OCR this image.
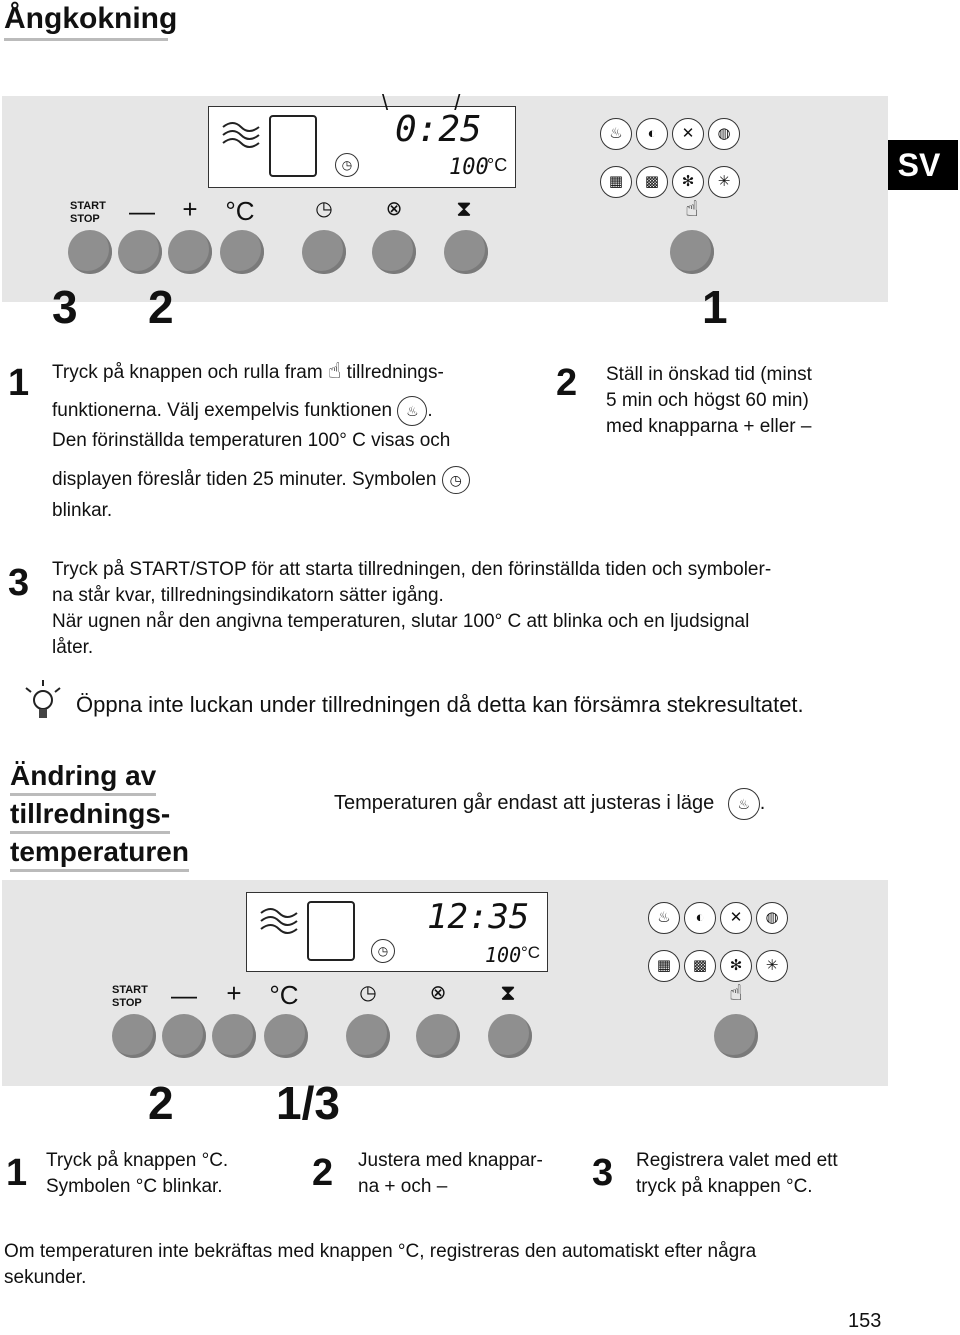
Ångkokning
SV
0:25
100
°C
◷
\ /
♨	◐	✕	◍
▦	▩	✻	✳
START
STOP	—	+	°C	◷	⊗	⧗	☝
3 2	1
1 Tryck på knappen och rulla fram ☝ tillrednings-
funktionerna. Välj exempelvis funktionen ♨ .
Den förinställda temperaturen 100° C visas och
displayen föreslår tiden 25 minuter. Symbolen ◷
blinkar.
2 Ställ in önskad tid (minst
5 min och högst 60 min)
med knapparna + eller –
3 Tryck på START/STOP för att starta tillredningen, den förinställda tiden och symboler-
na står kvar, tillredningsindikatorn sätter igång.
När ugnen når den angivna temperaturen, slutar 100° C att blinka och en ljudsignal
låter.
Öppna inte luckan under tillredningen då detta kan försämra stekresultatet.
Ändring av
tillrednings-
temperaturen
Temperaturen går endast att justeras i läge ♨ .
12:35
100 °C
◷
♨	◐	✕	◍
▦	▩	✻	✳
START
STOP	—	+	°C	◷	⊗	⧗	☝
2 1/3
1 Tryck på knappen °C.
Symbolen °C blinkar.	2 Justera med knappar-
na + och –	3 Registrera valet med ett
tryck på knappen °C.
Om temperaturen inte bekräftas med knappen °C, registreras den automatiskt efter några
sekunder.
153
